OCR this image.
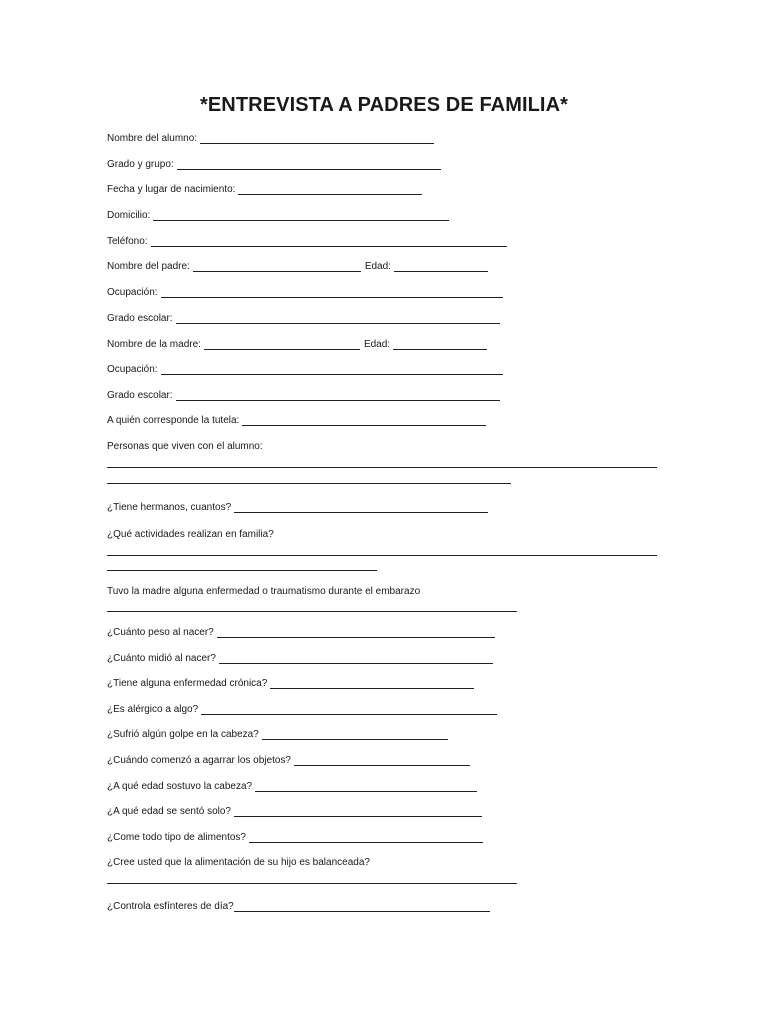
*ENTREVISTA A PADRES DE FAMILIA*
Nombre del alumno:
Grado y grupo:
Fecha y lugar de nacimiento:
Domicilio:
Teléfono:
Nombre del padre:	Edad:
Ocupación:
Grado escolar:
Nombre de la madre:	Edad:
Ocupación:
Grado escolar:
A quién corresponde la tutela:
Personas que viven con el alumno:
¿Tiene hermanos, cuantos?
¿Qué actividades realizan en familia?
Tuvo la madre alguna enfermedad o traumatismo durante el embarazo
¿Cuánto peso al nacer?
¿Cuánto midió al nacer?
¿Tiene alguna enfermedad crónica?
¿Es alérgico a algo?
¿Sufrió algún golpe en la cabeza?
¿Cuándo comenzó a agarrar los objetos?
¿A qué edad sostuvo la cabeza?
¿A qué edad se sentó solo?
¿Come todo tipo de alimentos?
¿Cree usted que la alimentación de su hijo es balanceada?
¿Controla esfínteres de día?
